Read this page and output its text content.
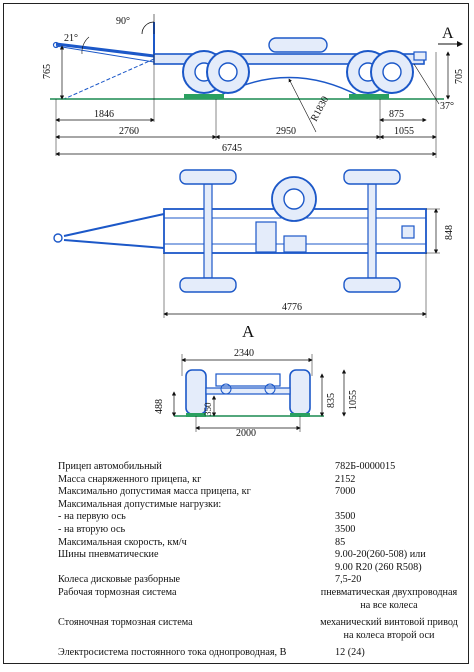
90°
21°
765
1846
2760	2950
875
1055
705
37°
R1830
6745
A
848
4776
A
2340
488	350
835 1055
2000
Прицеп автомобильный	782Б-0000015
Масса снаряженного прицепа, кг	2152
Максимально допустимая масса прицепа, кг	7000
Максимальная допустимые нагрузки:
- на первую ось	3500
- на вторую ось	3500
Максимальная скорость, км/ч	85
Шины пневматические	9.00-20(260-508) или
9.00 R20 (260 R508)
Колеса дисковые разборные	7,5-20
Рабочая тормозная система	пневматическая двухпроводная
на все колеса
Стояночная тормозная система	механический винтовой привод
на колеса второй оси
Электросистема постоянного тока однопроводная, В	12 (24)
